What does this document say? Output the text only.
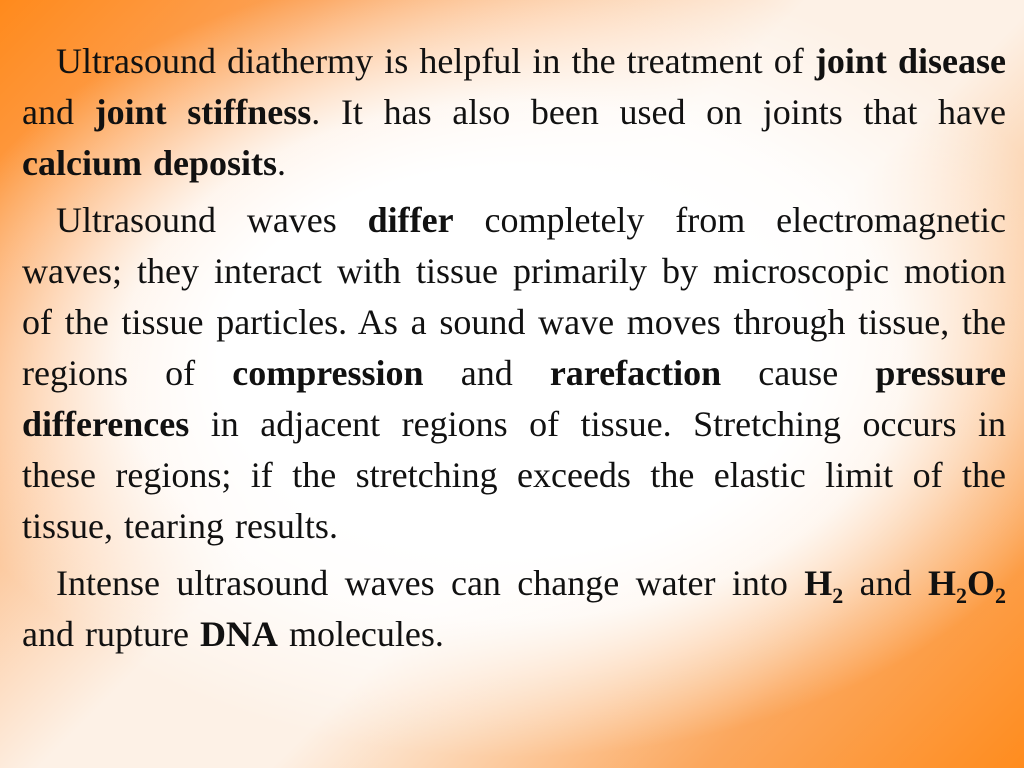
Ultrasound diathermy is helpful in the treatment of joint disease and joint stiffness. It has also been used on joints that have calcium deposits.

Ultrasound waves differ completely from electromagnetic waves; they interact with tissue primarily by microscopic motion of the tissue particles. As a sound wave moves through tissue, the regions of compression and rarefaction cause pressure differences in adjacent regions of tissue. Stretching occurs in these regions; if the stretching exceeds the elastic limit of the tissue, tearing results.

Intense ultrasound waves can change water into $H_2$ and $H_2O_2$ and rupture DNA molecules.
